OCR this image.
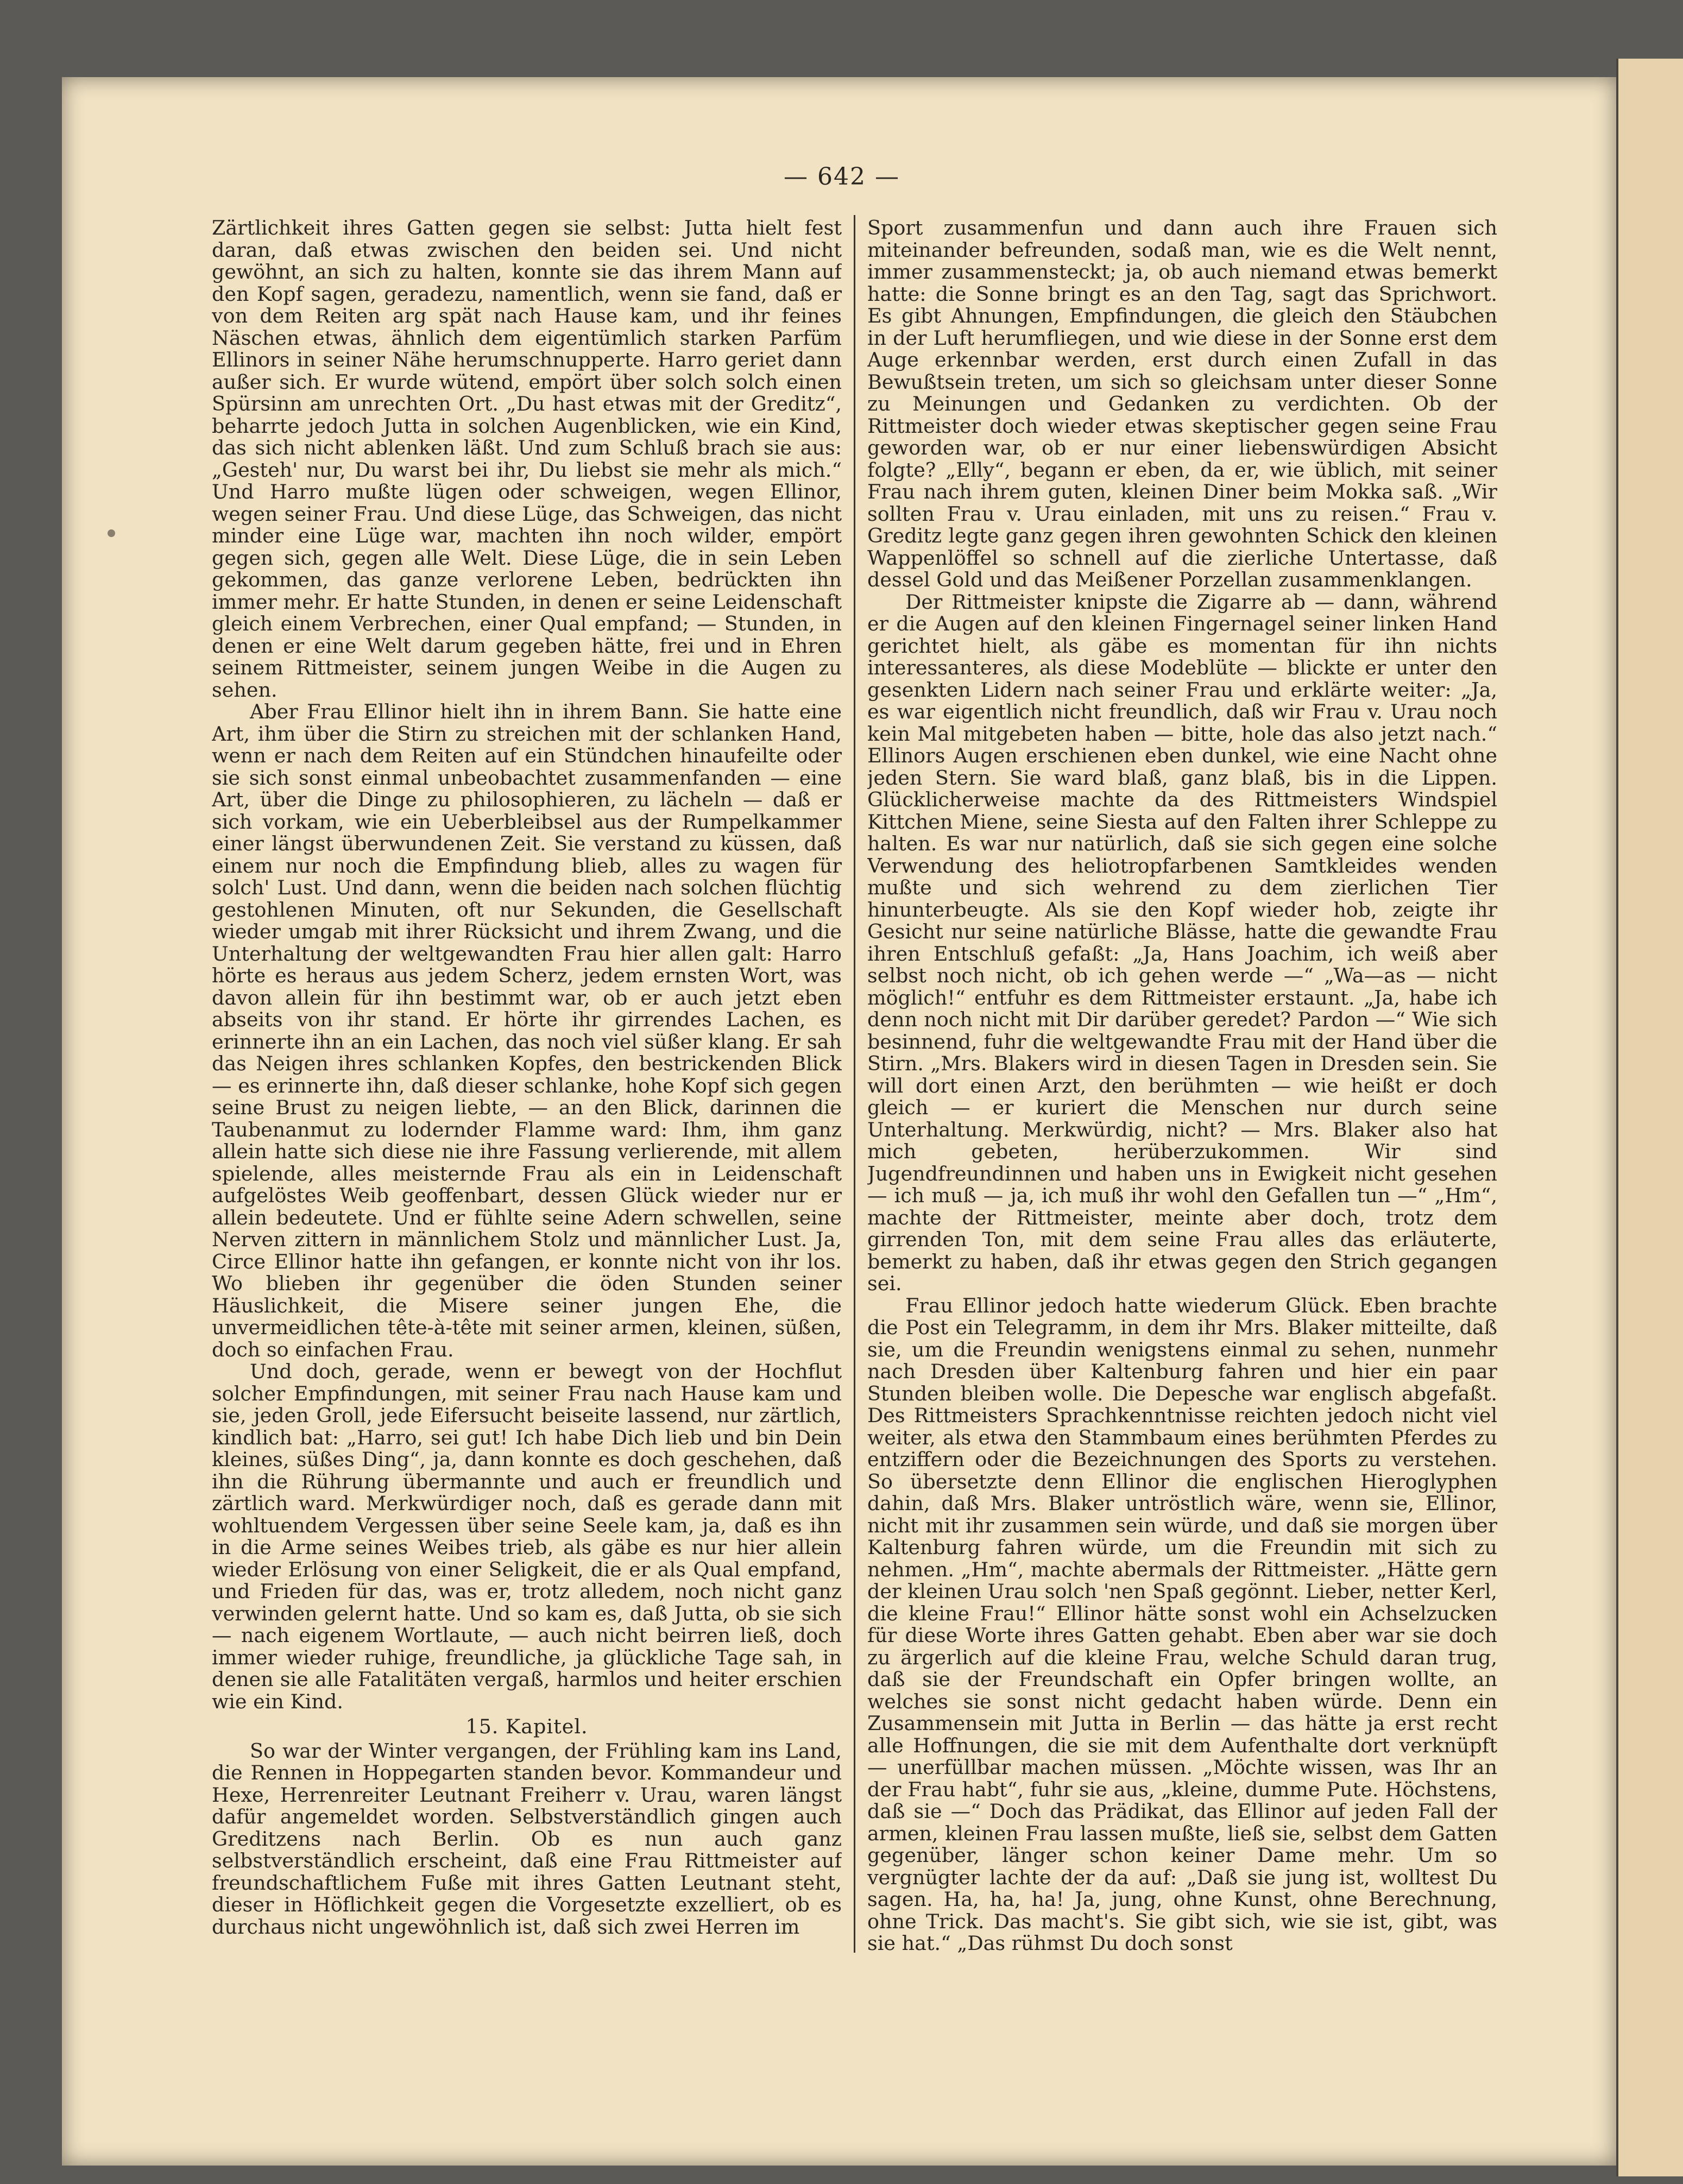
— 642 —

Zärtlichkeit ihres Gatten gegen sie selbst: Jutta hielt fest daran, daß etwas zwischen den beiden sei. Und nicht gewöhnt, an sich zu halten, konnte sie das ihrem Mann auf den Kopf sagen, geradezu, namentlich, wenn sie fand, daß er von dem Reiten arg spät nach Hause kam, und ihr feines Näschen etwas, ähnlich dem eigentümlich starken Parfüm Ellinors in seiner Nähe herumschnupperte. Harro geriet dann außer sich. Er wurde wütend, empört über solch solch einen Spürsinn am unrechten Ort. „Du hast etwas mit der Greditz“, beharrte jedoch Jutta in solchen Augenblicken, wie ein Kind, das sich nicht ablenken läßt. Und zum Schluß brach sie aus: „Gesteh' nur, Du warst bei ihr, Du liebst sie mehr als mich.“ Und Harro mußte lügen oder schweigen, wegen Ellinor, wegen seiner Frau. Und diese Lüge, das Schweigen, das nicht minder eine Lüge war, machten ihn noch wilder, empört gegen sich, gegen alle Welt. Diese Lüge, die in sein Leben gekommen, das ganze verlorene Leben, bedrückten ihn immer mehr. Er hatte Stunden, in denen er seine Leidenschaft gleich einem Verbrechen, einer Qual empfand; — Stunden, in denen er eine Welt darum gegeben hätte, frei und in Ehren seinem Rittmeister, seinem jungen Weibe in die Augen zu sehen.

Aber Frau Ellinor hielt ihn in ihrem Bann. Sie hatte eine Art, ihm über die Stirn zu streichen mit der schlanken Hand, wenn er nach dem Reiten auf ein Stündchen hinaufeilte oder sie sich sonst einmal unbeobachtet zusammenfanden — eine Art, über die Dinge zu philosophieren, zu lächeln — daß er sich vorkam, wie ein Ueberbleibsel aus der Rumpelkammer einer längst überwundenen Zeit. Sie verstand zu küssen, daß einem nur noch die Empfindung blieb, alles zu wagen für solch' Lust. Und dann, wenn die beiden nach solchen flüchtig gestohlenen Minuten, oft nur Sekunden, die Gesellschaft wieder umgab mit ihrer Rücksicht und ihrem Zwang, und die Unterhaltung der weltgewandten Frau hier allen galt: Harro hörte es heraus aus jedem Scherz, jedem ernsten Wort, was davon allein für ihn bestimmt war, ob er auch jetzt eben abseits von ihr stand. Er hörte ihr girrendes Lachen, es erinnerte ihn an ein Lachen, das noch viel süßer klang. Er sah das Neigen ihres schlanken Kopfes, den bestrickenden Blick — es erinnerte ihn, daß dieser schlanke, hohe Kopf sich gegen seine Brust zu neigen liebte, — an den Blick, darinnen die Taubenanmut zu lodernder Flamme ward: Ihm, ihm ganz allein hatte sich diese nie ihre Fassung verlierende, mit allem spielende, alles meisternde Frau als ein in Leidenschaft aufgelöstes Weib geoffenbart, dessen Glück wieder nur er allein bedeutete. Und er fühlte seine Adern schwellen, seine Nerven zittern in männlichem Stolz und männlicher Lust. Ja, Circe Ellinor hatte ihn gefangen, er konnte nicht von ihr los. Wo blieben ihr gegenüber die öden Stunden seiner Häuslichkeit, die Misere seiner jungen Ehe, die unvermeidlichen tête-à-tête mit seiner armen, kleinen, süßen, doch so einfachen Frau.

Und doch, gerade, wenn er bewegt von der Hochflut solcher Empfindungen, mit seiner Frau nach Hause kam und sie, jeden Groll, jede Eifersucht beiseite lassend, nur zärtlich, kindlich bat: „Harro, sei gut! Ich habe Dich lieb und bin Dein kleines, süßes Ding“, ja, dann konnte es doch geschehen, daß ihn die Rührung übermannte und auch er freundlich und zärtlich ward. Merkwürdiger noch, daß es gerade dann mit wohltuendem Vergessen über seine Seele kam, ja, daß es ihn in die Arme seines Weibes trieb, als gäbe es nur hier allein wieder Erlösung von einer Seligkeit, die er als Qual empfand, und Frieden für das, was er, trotz alledem, noch nicht ganz verwinden gelernt hatte. Und so kam es, daß Jutta, ob sie sich — nach eigenem Wortlaute, — auch nicht beirren ließ, doch immer wieder ruhige, freundliche, ja glückliche Tage sah, in denen sie alle Fatalitäten vergaß, harmlos und heiter erschien wie ein Kind.

15. Kapitel.

So war der Winter vergangen, der Frühling kam ins Land, die Rennen in Hoppegarten standen bevor. Kommandeur und Hexe, Herrenreiter Leutnant Freiherr v. Urau, waren längst dafür angemeldet worden. Selbstverständlich gingen auch Greditzens nach Berlin. Ob es nun auch ganz selbstverständlich erscheint, daß eine Frau Rittmeister auf freundschaftlichem Fuße mit ihres Gatten Leutnant steht, dieser in Höflichkeit gegen die Vorgesetzte exzelliert, ob es durchaus nicht ungewöhnlich ist, daß sich zwei Herren im

Sport zusammenfun und dann auch ihre Frauen sich miteinander befreunden, sodaß man, wie es die Welt nennt, immer zusammensteckt; ja, ob auch niemand etwas bemerkt hatte: die Sonne bringt es an den Tag, sagt das Sprichwort. Es gibt Ahnungen, Empfindungen, die gleich den Stäubchen in der Luft herumfliegen, und wie diese in der Sonne erst dem Auge erkennbar werden, erst durch einen Zufall in das Bewußtsein treten, um sich so gleichsam unter dieser Sonne zu Meinungen und Gedanken zu verdichten. Ob der Rittmeister doch wieder etwas skeptischer gegen seine Frau geworden war, ob er nur einer liebenswürdigen Absicht folgte? „Elly“, begann er eben, da er, wie üblich, mit seiner Frau nach ihrem guten, kleinen Diner beim Mokka saß. „Wir sollten Frau v. Urau einladen, mit uns zu reisen.“ Frau v. Greditz legte ganz gegen ihren gewohnten Schick den kleinen Wappenlöffel so schnell auf die zierliche Untertasse, daß dessel Gold und das Meißener Porzellan zusammenklangen.

Der Rittmeister knipste die Zigarre ab — dann, während er die Augen auf den kleinen Fingernagel seiner linken Hand gerichtet hielt, als gäbe es momentan für ihn nichts interessanteres, als diese Modeblüte — blickte er unter den gesenkten Lidern nach seiner Frau und erklärte weiter: „Ja, es war eigentlich nicht freundlich, daß wir Frau v. Urau noch kein Mal mitgebeten haben — bitte, hole das also jetzt nach.“ Ellinors Augen erschienen eben dunkel, wie eine Nacht ohne jeden Stern. Sie ward blaß, ganz blaß, bis in die Lippen. Glücklicherweise machte da des Rittmeisters Windspiel Kittchen Miene, seine Siesta auf den Falten ihrer Schleppe zu halten. Es war nur natürlich, daß sie sich gegen eine solche Verwendung des heliotropfarbenen Samtkleides wenden mußte und sich wehrend zu dem zierlichen Tier hinunterbeugte. Als sie den Kopf wieder hob, zeigte ihr Gesicht nur seine natürliche Blässe, hatte die gewandte Frau ihren Entschluß gefaßt: „Ja, Hans Joachim, ich weiß aber selbst noch nicht, ob ich gehen werde —“ „Wa—as — nicht möglich!“ entfuhr es dem Rittmeister erstaunt. „Ja, habe ich denn noch nicht mit Dir darüber geredet? Pardon —“ Wie sich besinnend, fuhr die weltgewandte Frau mit der Hand über die Stirn. „Mrs. Blakers wird in diesen Tagen in Dresden sein. Sie will dort einen Arzt, den berühmten — wie heißt er doch gleich — er kuriert die Menschen nur durch seine Unterhaltung. Merkwürdig, nicht? — Mrs. Blaker also hat mich gebeten, herüberzukommen. Wir sind Jugendfreundinnen und haben uns in Ewigkeit nicht gesehen — ich muß — ja, ich muß ihr wohl den Gefallen tun —“ „Hm“, machte der Rittmeister, meinte aber doch, trotz dem girrenden Ton, mit dem seine Frau alles das erläuterte, bemerkt zu haben, daß ihr etwas gegen den Strich gegangen sei.

Frau Ellinor jedoch hatte wiederum Glück. Eben brachte die Post ein Telegramm, in dem ihr Mrs. Blaker mitteilte, daß sie, um die Freundin wenigstens einmal zu sehen, nunmehr nach Dresden über Kaltenburg fahren und hier ein paar Stunden bleiben wolle. Die Depesche war englisch abgefaßt. Des Rittmeisters Sprachkenntnisse reichten jedoch nicht viel weiter, als etwa den Stammbaum eines berühmten Pferdes zu entziffern oder die Bezeichnungen des Sports zu verstehen. So übersetzte denn Ellinor die englischen Hieroglyphen dahin, daß Mrs. Blaker untröstlich wäre, wenn sie, Ellinor, nicht mit ihr zusammen sein würde, und daß sie morgen über Kaltenburg fahren würde, um die Freundin mit sich zu nehmen. „Hm“, machte abermals der Rittmeister. „Hätte gern der kleinen Urau solch 'nen Spaß gegönnt. Lieber, netter Kerl, die kleine Frau!“ Ellinor hätte sonst wohl ein Achselzucken für diese Worte ihres Gatten gehabt. Eben aber war sie doch zu ärgerlich auf die kleine Frau, welche Schuld daran trug, daß sie der Freundschaft ein Opfer bringen wollte, an welches sie sonst nicht gedacht haben würde. Denn ein Zusammensein mit Jutta in Berlin — das hätte ja erst recht alle Hoffnungen, die sie mit dem Aufenthalte dort verknüpft — unerfüllbar machen müssen. „Möchte wissen, was Ihr an der Frau habt“, fuhr sie aus, „kleine, dumme Pute. Höchstens, daß sie —“ Doch das Prädikat, das Ellinor auf jeden Fall der armen, kleinen Frau lassen mußte, ließ sie, selbst dem Gatten gegenüber, länger schon keiner Dame mehr. Um so vergnügter lachte der da auf: „Daß sie jung ist, wolltest Du sagen. Ha, ha, ha! Ja, jung, ohne Kunst, ohne Berechnung, ohne Trick. Das macht's. Sie gibt sich, wie sie ist, gibt, was sie hat.“ „Das rühmst Du doch sonst
